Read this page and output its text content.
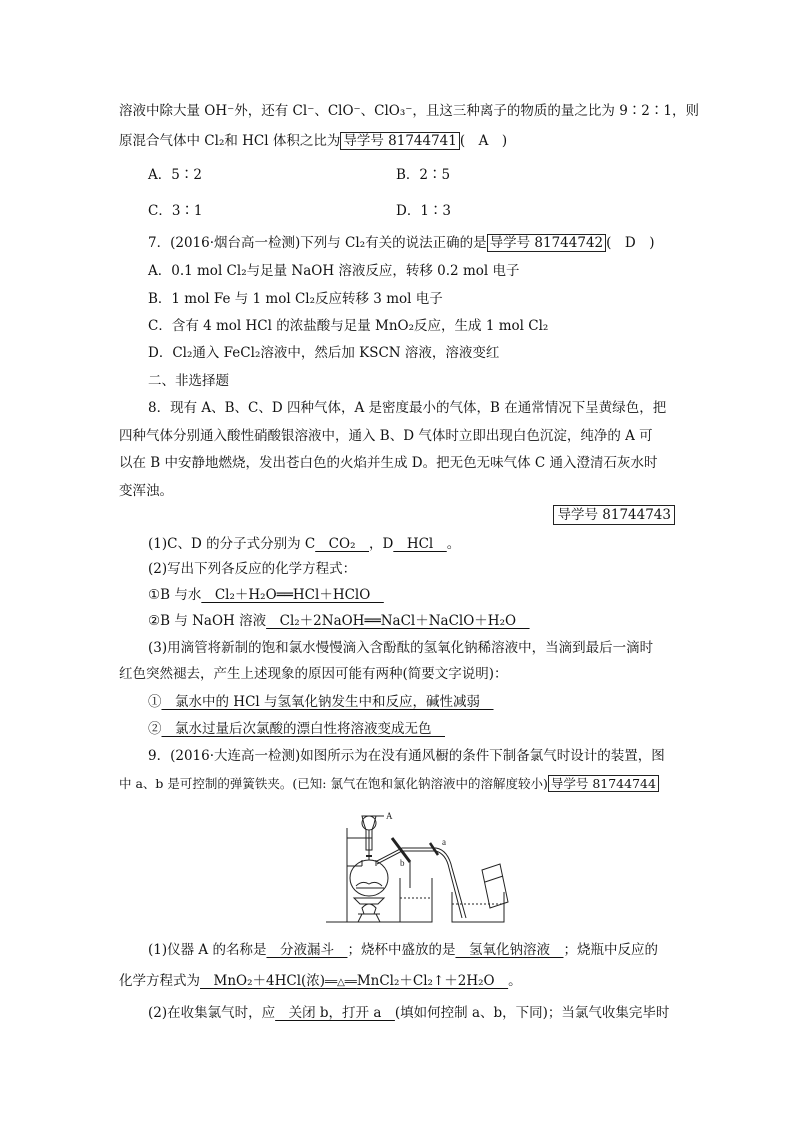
溶液中除大量 OH⁻外，还有 Cl⁻、ClO⁻、ClO₃⁻，且这三种离子的物质的量之比为 9∶2∶1，则
原混合气体中 Cl₂和 HCl 体积之比为 导学号 81744741 (　A　)
A．5∶2	B．2∶5
C．3∶1	D．1∶3
7．(2016·烟台高一检测)下列与 Cl₂有关的说法正确的是 导学号 81744742 (　D　)
A．0.1 mol Cl₂与足量 NaOH 溶液反应，转移 0.2 mol 电子
B．1 mol Fe 与 1 mol Cl₂反应转移 3 mol 电子
C．含有 4 mol HCl 的浓盐酸与足量 MnO₂反应，生成 1 mol Cl₂
D．Cl₂通入 FeCl₂溶液中，然后加 KSCN 溶液，溶液变红
二、非选择题
8．现有 A、B、C、D 四种气体，A 是密度最小的气体，B 在通常情况下呈黄绿色，把
四种气体分别通入酸性硝酸银溶液中，通入 B、D 气体时立即出现白色沉淀，纯净的 A 可
以在 B 中安静地燃烧，发出苍白色的火焰并生成 D。把无色无味气体 C 通入澄清石灰水时
变浑浊。
导学号 81744743
(1)C、D 的分子式分别为 C　CO₂　，D　HCl　。
(2)写出下列各反应的化学方程式：
①B 与水　Cl₂＋H₂O══HCl＋HClO　
②B 与 NaOH 溶液　Cl₂＋2NaOH══NaCl＋NaClO＋H₂O　
(3)用滴管将新制的饱和氯水慢慢滴入含酚酞的氢氧化钠稀溶液中，当滴到最后一滴时
红色突然褪去，产生上述现象的原因可能有两种(简要文字说明)：
①　氯水中的 HCl 与氢氧化钠发生中和反应，碱性减弱　
②　氯水过量后次氯酸的漂白性将溶液变成无色　
9．(2016·大连高一检测)如图所示为在没有通风橱的条件下制备氯气时设计的装置，图
中 a、b 是可控制的弹簧铁夹。(已知: 氯气在饱和氯化钠溶液中的溶解度较小) 导学号 81744744
A
b
a
(1)仪器 A 的名称是　分液漏斗　；烧杯中盛放的是　氢氧化钠溶液　；烧瓶中反应的
化学方程式为　MnO₂＋4HCl(浓)══△══MnCl₂＋Cl₂↑＋2H₂O　。
(2)在收集氯气时，应　关闭 b，打开 a　(填如何控制 a、b，下同)；当氯气收集完毕时
